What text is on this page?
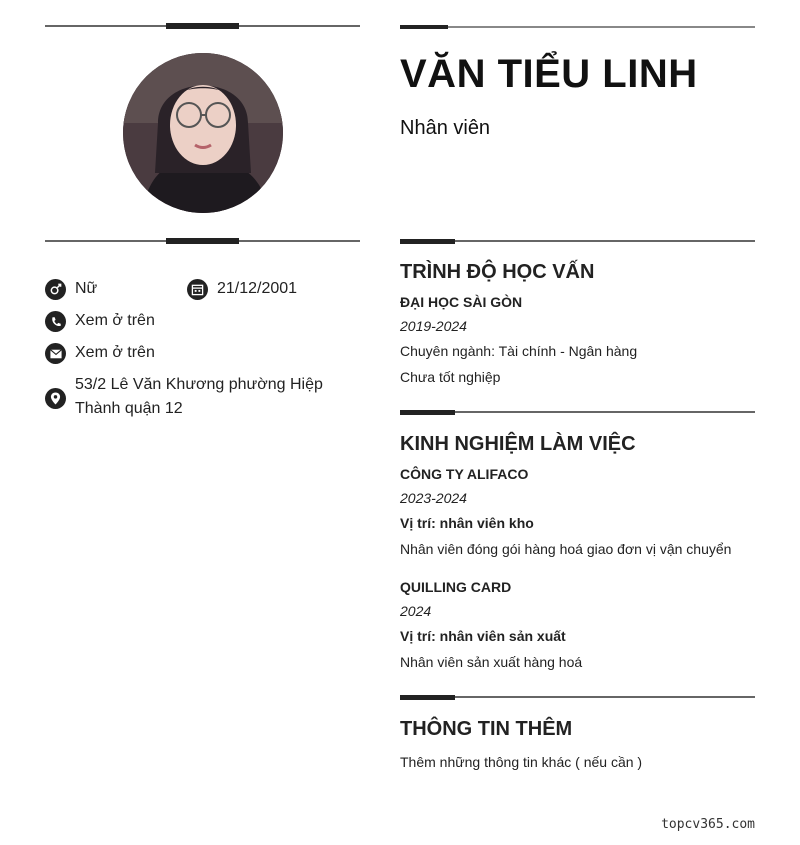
Nữ	21/12/2001
Xem ở trên
Xem ở trên
53/2 Lê Văn Khương phường Hiệp
Thành quận 12
VĂN TIỂU LINH
Nhân viên
TRÌNH ĐỘ HỌC VẤN
ĐẠI HỌC SÀI GÒN
2019-2024
Chuyên ngành: Tài chính - Ngân hàng
Chưa tốt nghiệp
KINH NGHIỆM LÀM VIỆC
CÔNG TY ALIFACO
2023-2024
Vị trí: nhân viên kho
Nhân viên đóng gói hàng hoá giao đơn vị vận chuyển
QUILLING CARD
2024
Vị trí: nhân viên sản xuất
Nhân viên sản xuất hàng hoá
THÔNG TIN THÊM
Thêm những thông tin khác ( nếu cần )
topcv365.com
